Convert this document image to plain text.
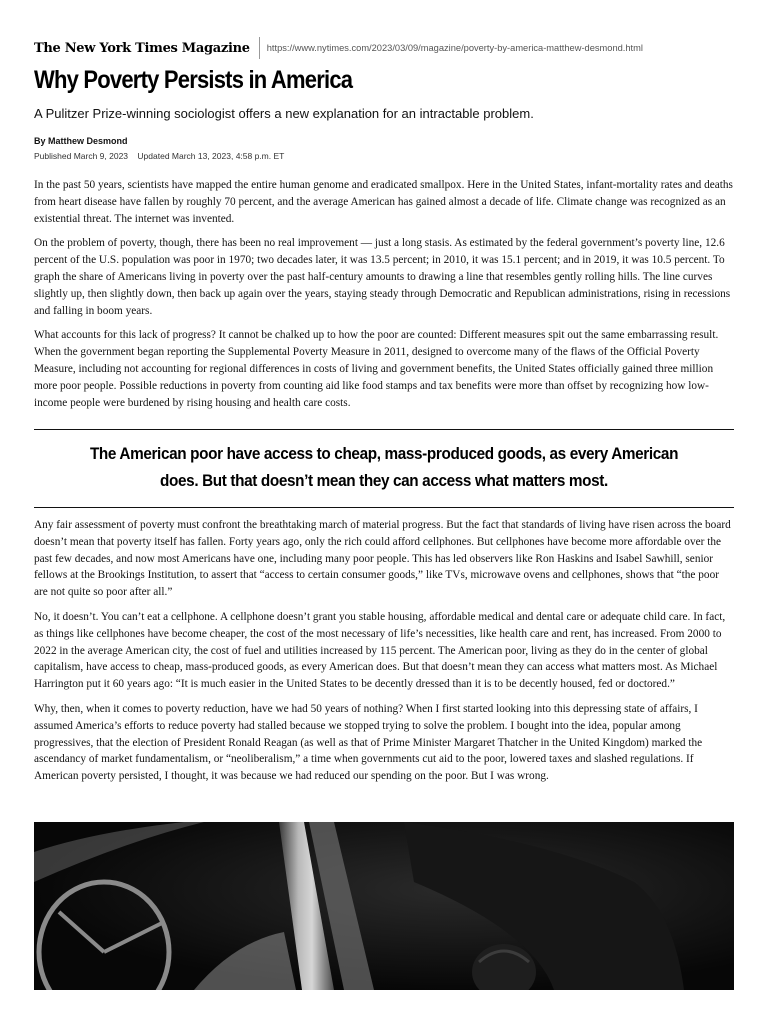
The New York Times Magazine https://www.nytimes.com/2023/03/09/magazine/poverty-by-america-matthew-desmond.html
Why Poverty Persists in America

A Pulitzer Prize-winning sociologist offers a new explanation for an intractable problem.

By Matthew Desmond
Published March 9, 2023 Updated March 13, 2023, 4:58 p.m. ET

In the past 50 years, scientists have mapped the entire human genome and eradicated smallpox. Here in the United States, infant-mortality rates and deaths from heart disease have fallen by roughly 70 percent, and the average American has gained almost a decade of life. Climate change was recognized as an existential threat. The internet was invented.

On the problem of poverty, though, there has been no real improvement — just a long stasis. As estimated by the federal government’s poverty line, 12.6 percent of the U.S. population was poor in 1970; two decades later, it was 13.5 percent; in 2010, it was 15.1 percent; and in 2019, it was 10.5 percent. To graph the share of Americans living in poverty over the past half-century amounts to drawing a line that resembles gently rolling hills. The line curves slightly up, then slightly down, then back up again over the years, staying steady through Democratic and Republican administrations, rising in recessions and falling in boom years.

What accounts for this lack of progress? It cannot be chalked up to how the poor are counted: Different measures spit out the same embarrassing result. When the government began reporting the Supplemental Poverty Measure in 2011, designed to overcome many of the flaws of the Official Poverty Measure, including not accounting for regional differences in costs of living and government benefits, the United States officially gained three million more poor people. Possible reductions in poverty from counting aid like food stamps and tax benefits were more than offset by recognizing how low-income people were burdened by rising housing and health care costs.

The American poor have access to cheap, mass-produced goods, as every American does. But that doesn’t mean they can access what matters most.

Any fair assessment of poverty must confront the breathtaking march of material progress. But the fact that standards of living have risen across the board doesn’t mean that poverty itself has fallen. Forty years ago, only the rich could afford cellphones. But cellphones have become more affordable over the past few decades, and now most Americans have one, including many poor people. This has led observers like Ron Haskins and Isabel Sawhill, senior fellows at the Brookings Institution, to assert that “access to certain consumer goods,” like TVs, microwave ovens and cellphones, shows that “the poor are not quite so poor after all.”

No, it doesn’t. You can’t eat a cellphone. A cellphone doesn’t grant you stable housing, affordable medical and dental care or adequate child care. In fact, as things like cellphones have become cheaper, the cost of the most necessary of life’s necessities, like health care and rent, has increased. From 2000 to 2022 in the average American city, the cost of fuel and utilities increased by 115 percent. The American poor, living as they do in the center of global capitalism, have access to cheap, mass-produced goods, as every American does. But that doesn’t mean they can access what matters most. As Michael Harrington put it 60 years ago: “It is much easier in the United States to be decently dressed than it is to be decently housed, fed or doctored.”

Why, then, when it comes to poverty reduction, have we had 50 years of nothing? When I first started looking into this depressing state of affairs, I assumed America’s efforts to reduce poverty had stalled because we stopped trying to solve the problem. I bought into the idea, popular among progressives, that the election of President Ronald Reagan (as well as that of Prime Minister Margaret Thatcher in the United Kingdom) marked the ascendancy of market fundamentalism, or “neoliberalism,” a time when governments cut aid to the poor, lowered taxes and slashed regulations. If American poverty persisted, I thought, it was because we had reduced our spending on the poor. But I was wrong.
